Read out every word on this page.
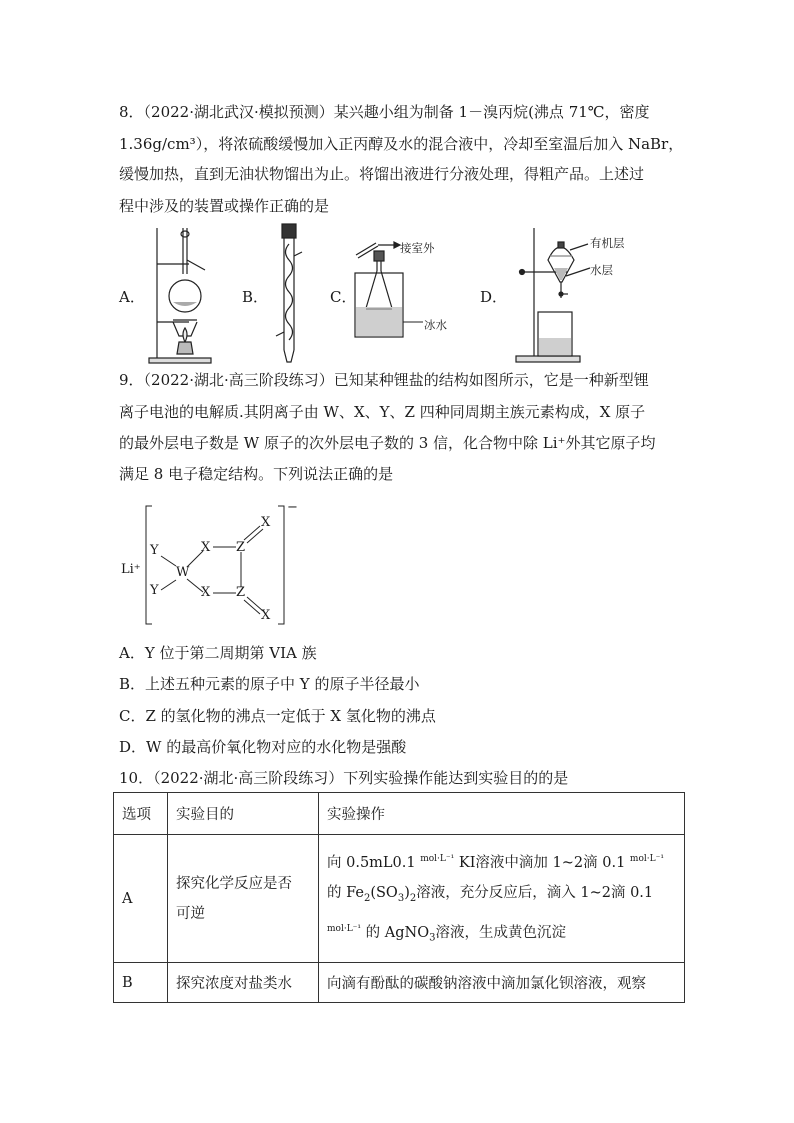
8．（2022·湖北武汉·模拟预测）某兴趣小组为制备 1－溴丙烷(沸点 71℃，密度
1.36g/cm³），将浓硫酸缓慢加入正丙醇及水的混合液中，冷却至室温后加入 NaBr，
缓慢加热，直到无油状物馏出为止。将馏出液进行分液处理，得粗产品。上述过
程中涉及的装置或操作正确的是
A．	B．	C．	D．
接室外
冰水
有机层
水层
9．（2022·湖北·高三阶段练习）已知某种锂盐的结构如图所示，它是一种新型锂
离子电池的电解质.其阴离子由 W、X、Y、Z 四种同周期主族元素构成，X 原子
的最外层电子数是 W 原子的次外层电子数的 3 信，化合物中除 Li⁺外其它原子均
满足 8 电子稳定结构。下列说法正确的是
Li⁺
−
Y
Y
W
X
X
Z
Z
X
X
A．Y 位于第二周期第 VIA 族
B．上述五种元素的原子中 Y 的原子半径最小
C．Z 的氢化物的沸点一定低于 X 氢化物的沸点
D．W 的最高价氧化物对应的水化物是强酸
10．（2022·湖北·高三阶段练习）下列实验操作能达到实验目的的是
选项	实验目的	实验操作
A	探究化学反应是否
可逆	向 0.5mL0.1 $^{mol\cdot L^{-1}}$ KI溶液中滴加 1~2滴 0.1 $^{mol\cdot L^{-1}}$
的 $Fe_2(SO_3)_2$溶液，充分反应后，滴入 1~2滴 0.1
$^{mol\cdot L^{-1}}$ 的 AgNO$_3$溶液，生成黄色沉淀
B	探究浓度对盐类水	向滴有酚酞的碳酸钠溶液中滴加氯化钡溶液，观察
